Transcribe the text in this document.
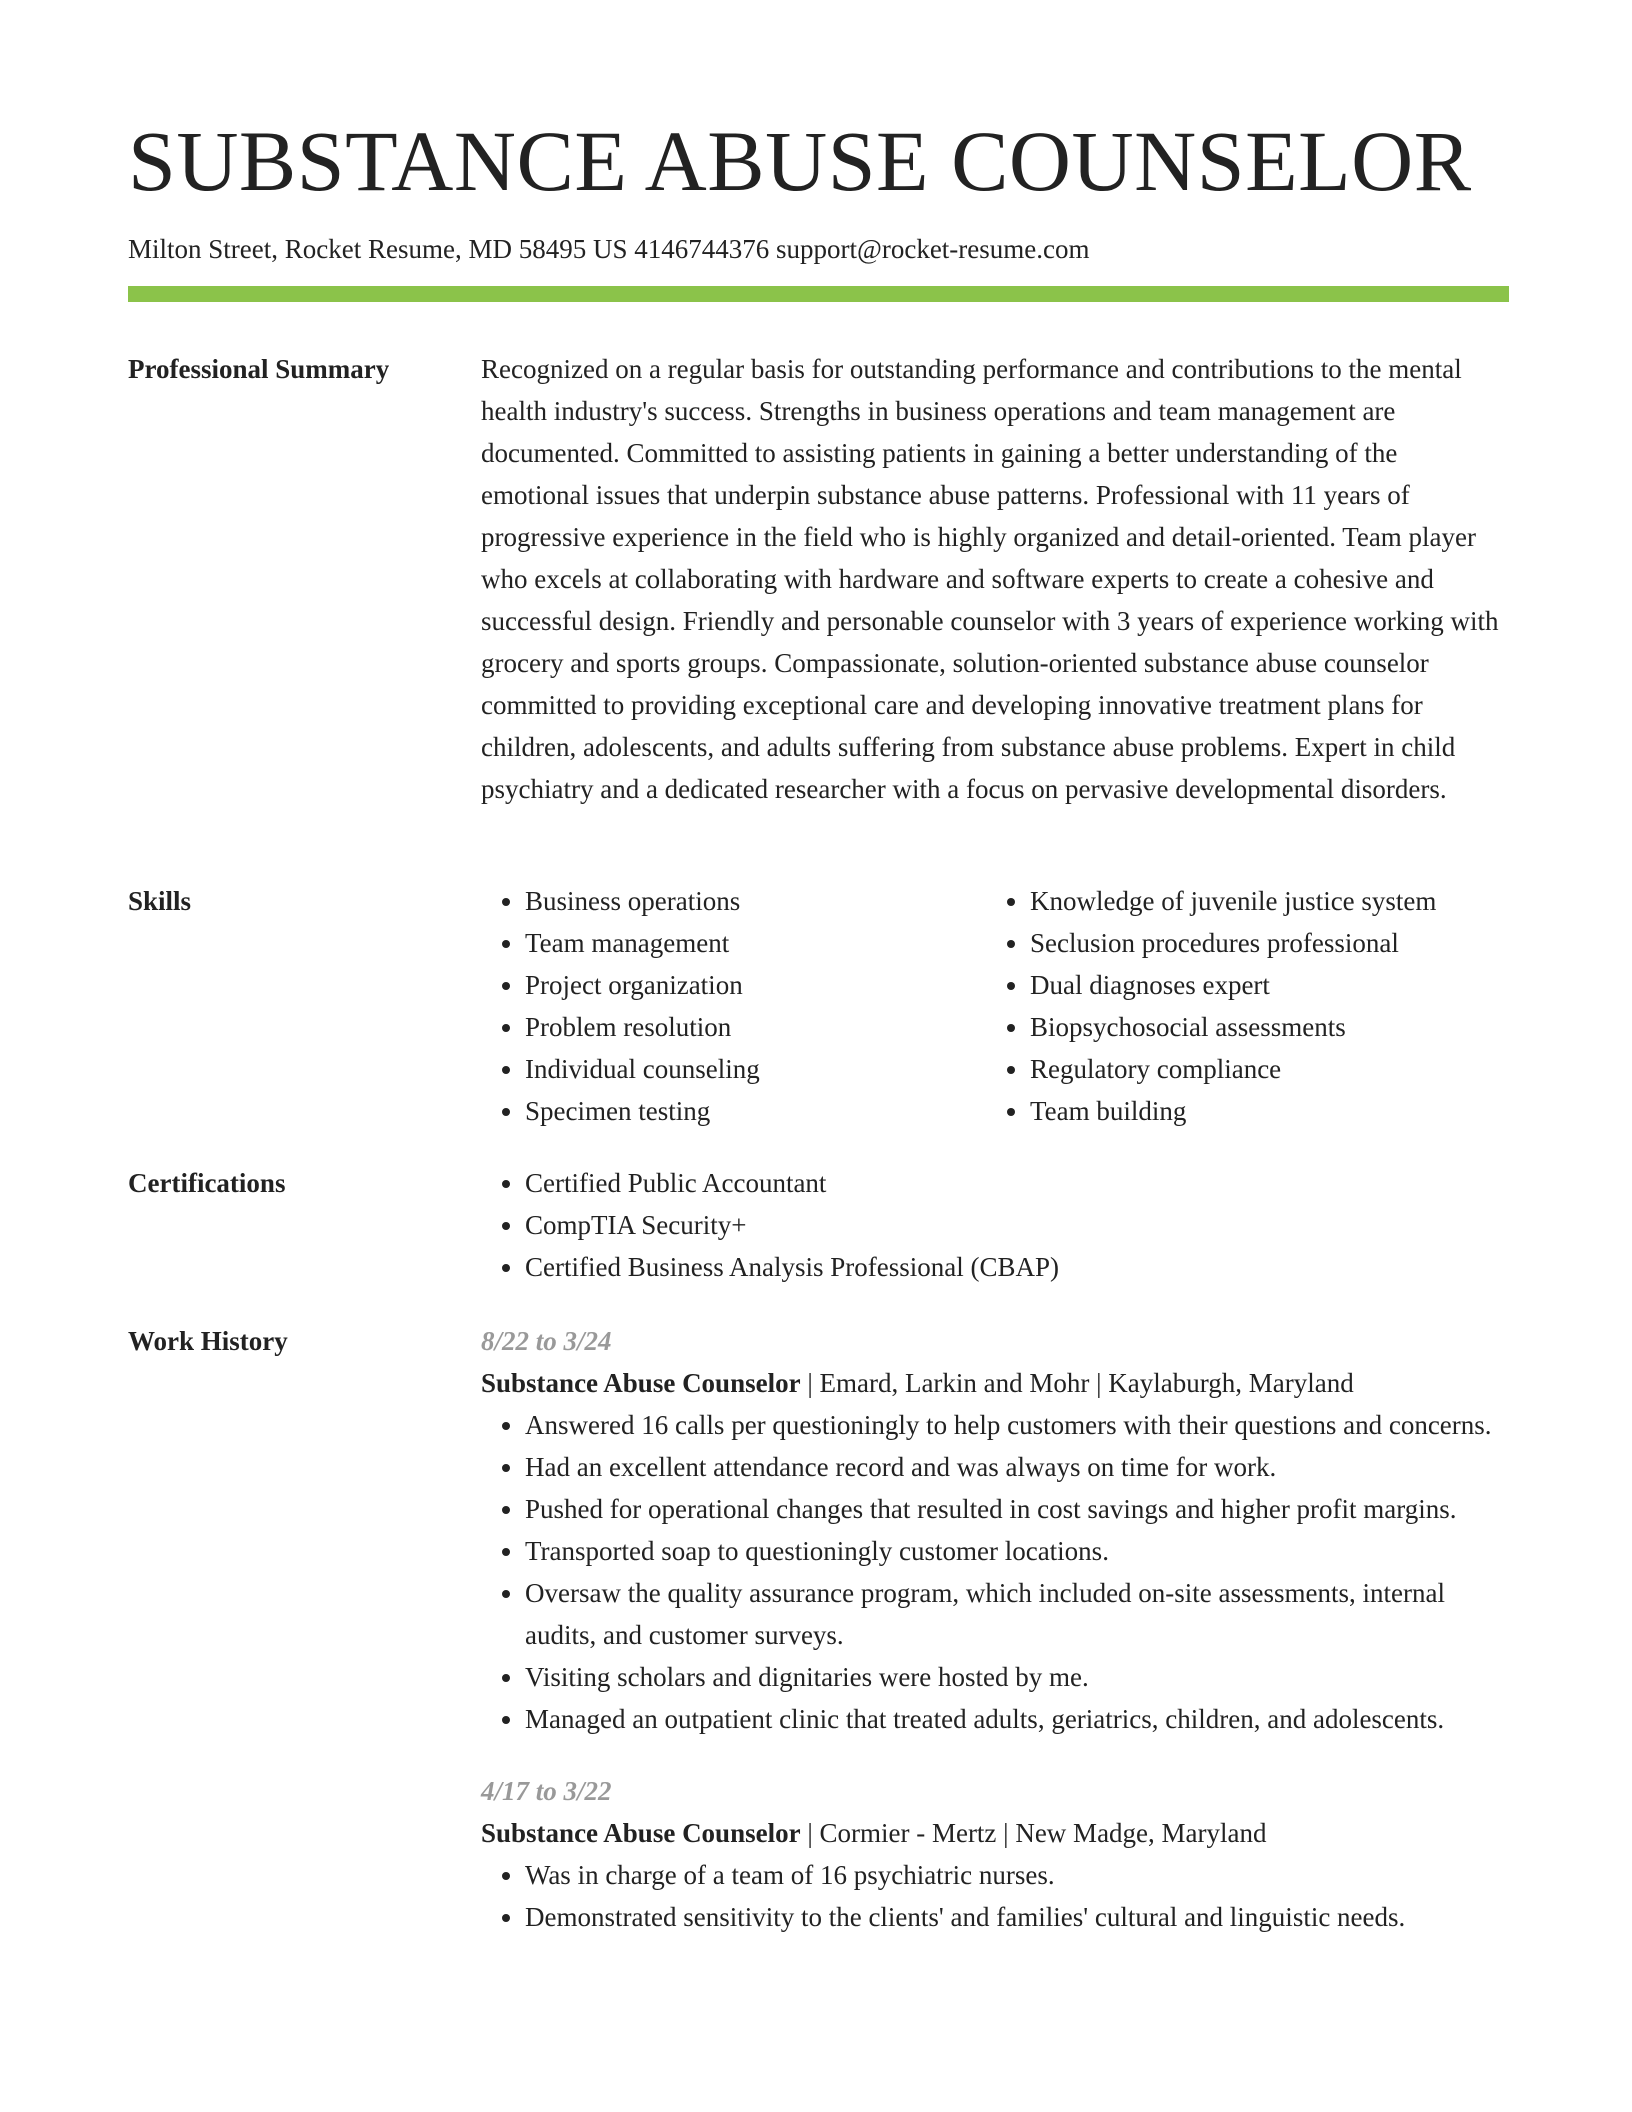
SUBSTANCE ABUSE COUNSELOR
Milton Street, Rocket Resume, MD 58495 US 4146744376 support@rocket-resume.com
Professional Summary	Recognized on a regular basis for outstanding performance and contributions to the mental health industry's success. Strengths in business operations and team management are documented. Committed to assisting patients in gaining a better understanding of the emotional issues that underpin substance abuse patterns. Professional with 11 years of progressive experience in the field who is highly organized and detail-oriented. Team player who excels at collaborating with hardware and software experts to create a cohesive and successful design. Friendly and personable counselor with 3 years of experience working with grocery and sports groups. Compassionate, solution-oriented substance abuse counselor committed to providing exceptional care and developing innovative treatment plans for children, adolescents, and adults suffering from substance abuse problems. Expert in child psychiatry and a dedicated researcher with a focus on pervasive developmental disorders.

Skills	• Business operations
• Team management
• Project organization
• Problem resolution
• Individual counseling
• Specimen testing
• Knowledge of juvenile justice system
• Seclusion procedures professional
• Dual diagnoses expert
• Biopsychosocial assessments
• Regulatory compliance
• Team building
Certifications	• Certified Public Accountant
• CompTIA Security+
• Certified Business Analysis Professional (CBAP)
Work History	8/22 to 3/24

Substance Abuse Counselor | Emard, Larkin and Mohr | Kaylaburgh, Maryland

• Answered 16 calls per questioningly to help customers with their questions and concerns.
• Had an excellent attendance record and was always on time for work.
• Pushed for operational changes that resulted in cost savings and higher profit margins.
• Transported soap to questioningly customer locations.
• Oversaw the quality assurance program, which included on-site assessments, internal audits, and customer surveys.
• Visiting scholars and dignitaries were hosted by me.
• Managed an outpatient clinic that treated adults, geriatrics, children, and adolescents.
4/17 to 3/22

Substance Abuse Counselor | Cormier - Mertz | New Madge, Maryland

• Was in charge of a team of 16 psychiatric nurses.
• Demonstrated sensitivity to the clients' and families' cultural and linguistic needs.
